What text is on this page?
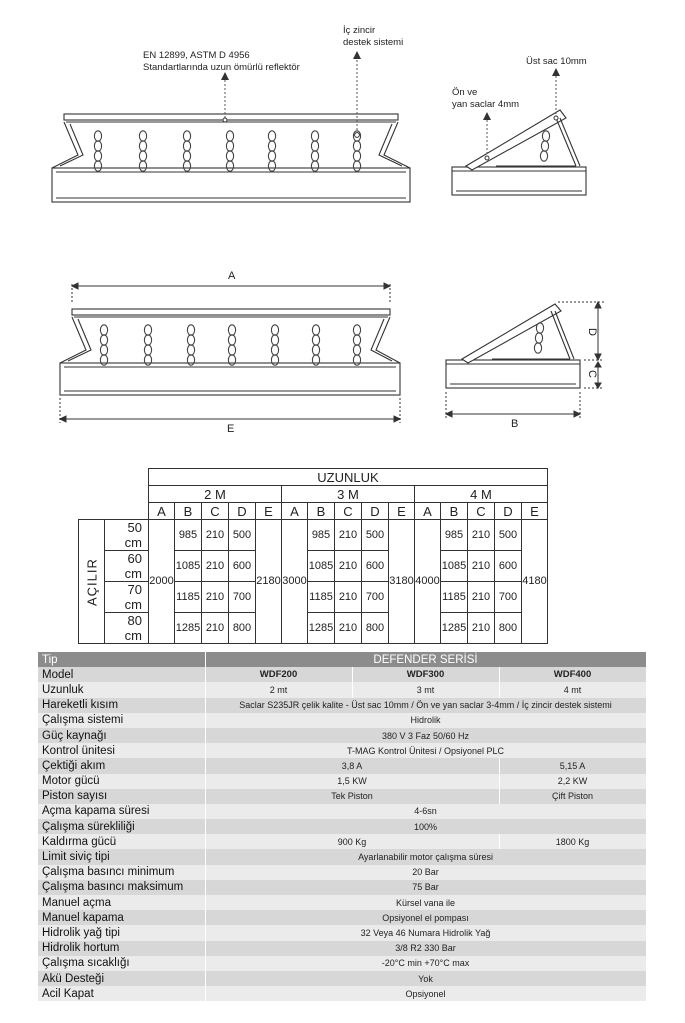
EN 12899, ASTM D 4956
Standartlarında uzun ömürlü reflektör
İç zincir
destek sistemi
Üst sac 10mm
Ön ve
yan saclar 4mm
A
E	B
D
C
		UZUNLUK														
		2 M					3 M					4 M				
		A	B	C	D	E	A	B	C	D	E	A	B	C	D	E
AÇILIR	50 cm	2000	985	210	500	2180	3000	985	210	500	3180	4000	985	210	500	4180
	60 cm		1085	210	600			1085	210	600			1085	210	600	
	70 cm		1185	210	700			1185	210	700			1185	210	700	
	80 cm		1285	210	800			1285	210	800			1285	210	800	
Tip	DEFENDER SERİSİ		
Model	WDF200	WDF300	WDF400
Uzunluk	2 mt	3 mt	4 mt
Hareketli kısım	Saclar S235JR çelik kalite - Üst sac 10mm / Ön ve yan saclar 3-4mm / İç zincir destek sistemi		
Çalışma sistemi	Hidrolik		
Güç kaynağı	380 V 3 Faz 50/60 Hz		
Kontrol ünitesi	T-MAG Kontrol Ünitesi / Opsiyonel PLC		
Çektiği akım	3,8 A		5,15 A
Motor gücü	1,5 KW		2,2 KW
Piston sayısı	Tek Piston		Çift Piston
Açma kapama süresi	4-6sn		
Çalışma sürekliliği	100%		
Kaldırma gücü	900 Kg		1800 Kg
Limit siviç tipi	Ayarlanabilir motor çalışma süresi		
Çalışma basıncı minimum	20 Bar		
Çalışma basıncı maksimum	75 Bar		
Manuel açma	Kürsel vana ile		
Manuel kapama	Opsiyonel el pompası		
Hidrolik yağ tipi	32 Veya 46 Numara Hidrolik Yağ		
Hidrolik hortum	3/8 R2 330 Bar		
Çalışma sıcaklığı	-20°C min +70°C max		
Akü Desteği	Yok		
Acil Kapat	Opsiyonel		
